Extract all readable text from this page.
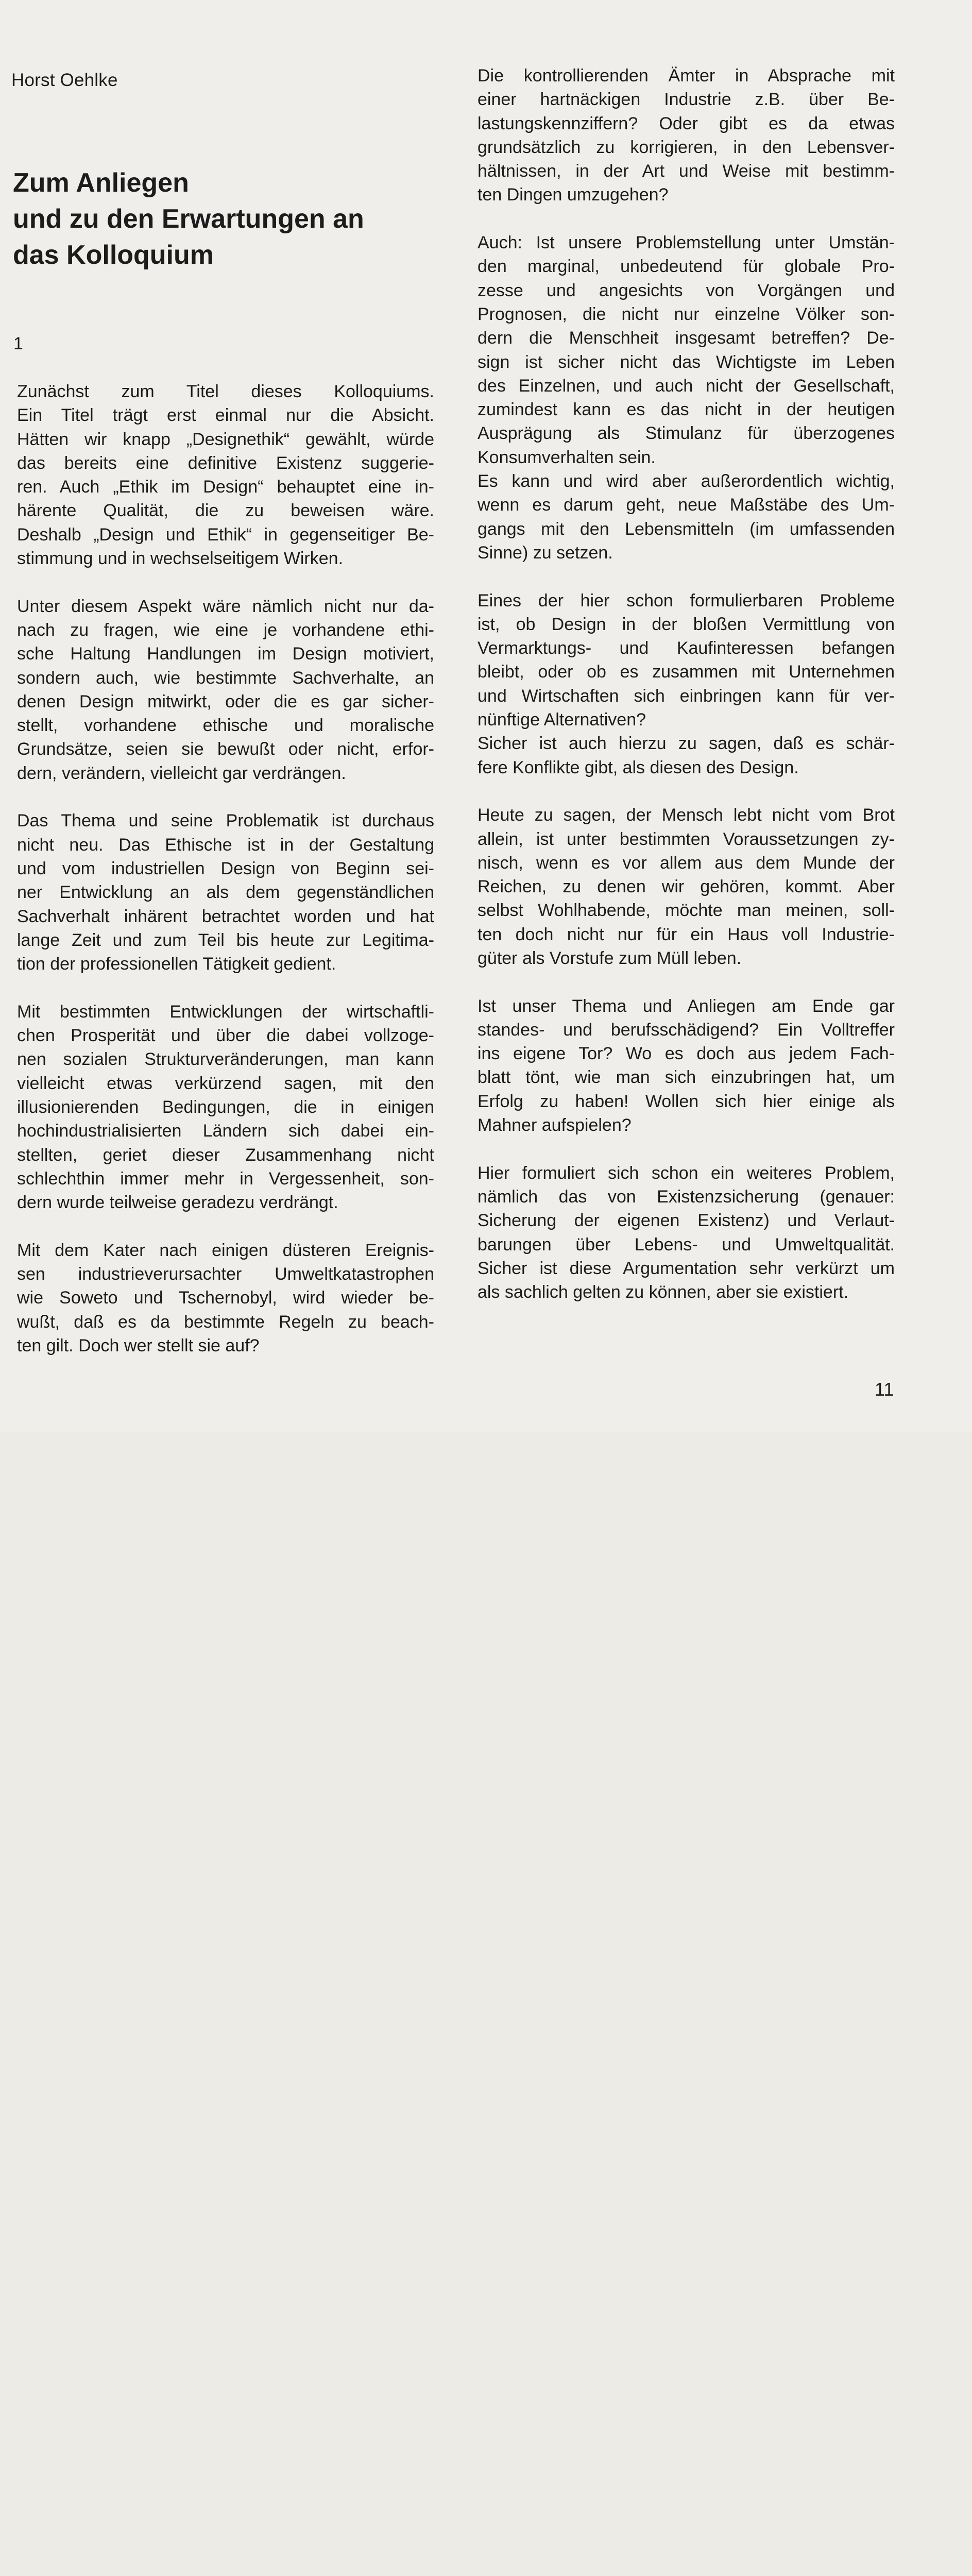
Horst Oehlke
Zum Anliegen
und zu den Erwartungen an
das Kolloquium
1

Zunächst zum Titel dieses Kolloquiums.
Ein Titel trägt erst einmal nur die Absicht.
Hätten wir knapp „Designethik“ gewählt, würde
das bereits eine definitive Existenz suggerie-
ren. Auch „Ethik im Design“ behauptet eine in-
härente Qualität, die zu beweisen wäre.
Deshalb „Design und Ethik“ in gegenseitiger Be-
stimmung und in wechselseitigem Wirken.

Unter diesem Aspekt wäre nämlich nicht nur da-
nach zu fragen, wie eine je vorhandene ethi-
sche Haltung Handlungen im Design motiviert,
sondern auch, wie bestimmte Sachverhalte, an
denen Design mitwirkt, oder die es gar sicher-
stellt, vorhandene ethische und moralische
Grundsätze, seien sie bewußt oder nicht, erfor-
dern, verändern, vielleicht gar verdrängen.

Das Thema und seine Problematik ist durchaus
nicht neu. Das Ethische ist in der Gestaltung
und vom industriellen Design von Beginn sei-
ner Entwicklung an als dem gegenständlichen
Sachverhalt inhärent betrachtet worden und hat
lange Zeit und zum Teil bis heute zur Legitima-
tion der professionellen Tätigkeit gedient.

Mit bestimmten Entwicklungen der wirtschaftli-
chen Prosperität und über die dabei vollzoge-
nen sozialen Strukturveränderungen, man kann
vielleicht etwas verkürzend sagen, mit den
illusionierenden Bedingungen, die in einigen
hochindustrialisierten Ländern sich dabei ein-
stellten, geriet dieser Zusammenhang nicht
schlechthin immer mehr in Vergessenheit, son-
dern wurde teilweise geradezu verdrängt.

Mit dem Kater nach einigen düsteren Ereignis-
sen industrieverursachter Umweltkatastrophen
wie Soweto und Tschernobyl, wird wieder be-
wußt, daß es da bestimmte Regeln zu beach-
ten gilt. Doch wer stellt sie auf?

Die kontrollierenden Ämter in Absprache mit
einer hartnäckigen Industrie z.B. über Be-
lastungskennziffern? Oder gibt es da etwas
grundsätzlich zu korrigieren, in den Lebensver-
hältnissen, in der Art und Weise mit bestimm-
ten Dingen umzugehen?

Auch: Ist unsere Problemstellung unter Umstän-
den marginal, unbedeutend für globale Pro-
zesse und angesichts von Vorgängen und
Prognosen, die nicht nur einzelne Völker son-
dern die Menschheit insgesamt betreffen? De-
sign ist sicher nicht das Wichtigste im Leben
des Einzelnen, und auch nicht der Gesellschaft,
zumindest kann es das nicht in der heutigen
Ausprägung als Stimulanz für überzogenes
Konsumverhalten sein.

Es kann und wird aber außerordentlich wichtig,
wenn es darum geht, neue Maßstäbe des Um-
gangs mit den Lebensmitteln (im umfassenden
Sinne) zu setzen.

Eines der hier schon formulierbaren Probleme
ist, ob Design in der bloßen Vermittlung von
Vermarktungs- und Kaufinteressen befangen
bleibt, oder ob es zusammen mit Unternehmen
und Wirtschaften sich einbringen kann für ver-
nünftige Alternativen?

Sicher ist auch hierzu zu sagen, daß es schär-
fere Konflikte gibt, als diesen des Design.

Heute zu sagen, der Mensch lebt nicht vom Brot
allein, ist unter bestimmten Voraussetzungen zy-
nisch, wenn es vor allem aus dem Munde der
Reichen, zu denen wir gehören, kommt. Aber
selbst Wohlhabende, möchte man meinen, soll-
ten doch nicht nur für ein Haus voll Industrie-
güter als Vorstufe zum Müll leben.

Ist unser Thema und Anliegen am Ende gar
standes- und berufsschädigend? Ein Volltreffer
ins eigene Tor? Wo es doch aus jedem Fach-
blatt tönt, wie man sich einzubringen hat, um
Erfolg zu haben! Wollen sich hier einige als
Mahner aufspielen?

Hier formuliert sich schon ein weiteres Problem,
nämlich das von Existenzsicherung (genauer:
Sicherung der eigenen Existenz) und Verlaut-
barungen über Lebens- und Umweltqualität.
Sicher ist diese Argumentation sehr verkürzt um
als sachlich gelten zu können, aber sie existiert.

11
